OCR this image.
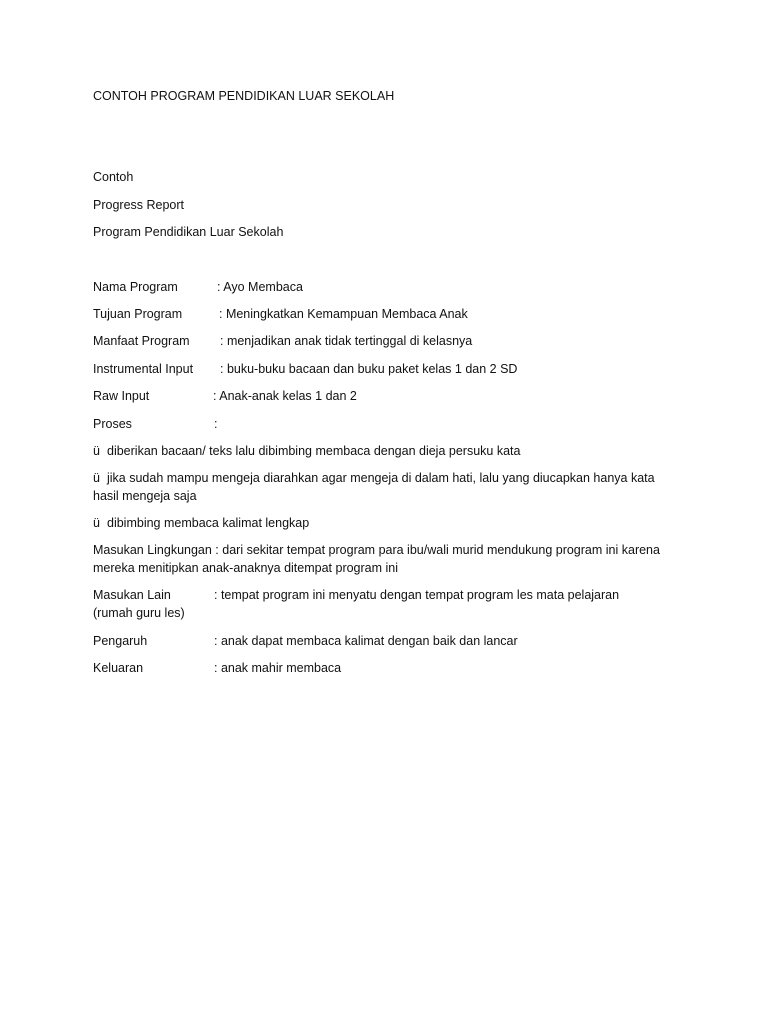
CONTOH PROGRAM PENDIDIKAN LUAR SEKOLAH
Contoh
Progress Report
Program Pendidikan Luar Sekolah
Nama Program	: Ayo Membaca
Tujuan Program	: Meningkatkan Kemampuan Membaca Anak
Manfaat Program : menjadikan anak tidak tertinggal di kelasnya
Instrumental Input : buku-buku bacaan dan buku paket kelas 1 dan 2 SD
Raw Input	: Anak-anak kelas 1 dan 2
Proses	:
ü diberikan bacaan/ teks lalu dibimbing membaca dengan dieja persuku kata
ü jika sudah mampu mengeja diarahkan agar mengeja di dalam hati, lalu yang diucapkan hanya kata hasil mengeja saja
ü dibimbing membaca kalimat lengkap
Masukan Lingkungan : dari sekitar tempat program para ibu/wali murid mendukung program ini karena mereka menitipkan anak-anaknya ditempat program ini
Masukan Lain	: tempat program ini menyatu dengan tempat program les mata pelajaran
(rumah guru les)
Pengaruh	: anak dapat membaca kalimat dengan baik dan lancar
Keluaran	: anak mahir membaca
